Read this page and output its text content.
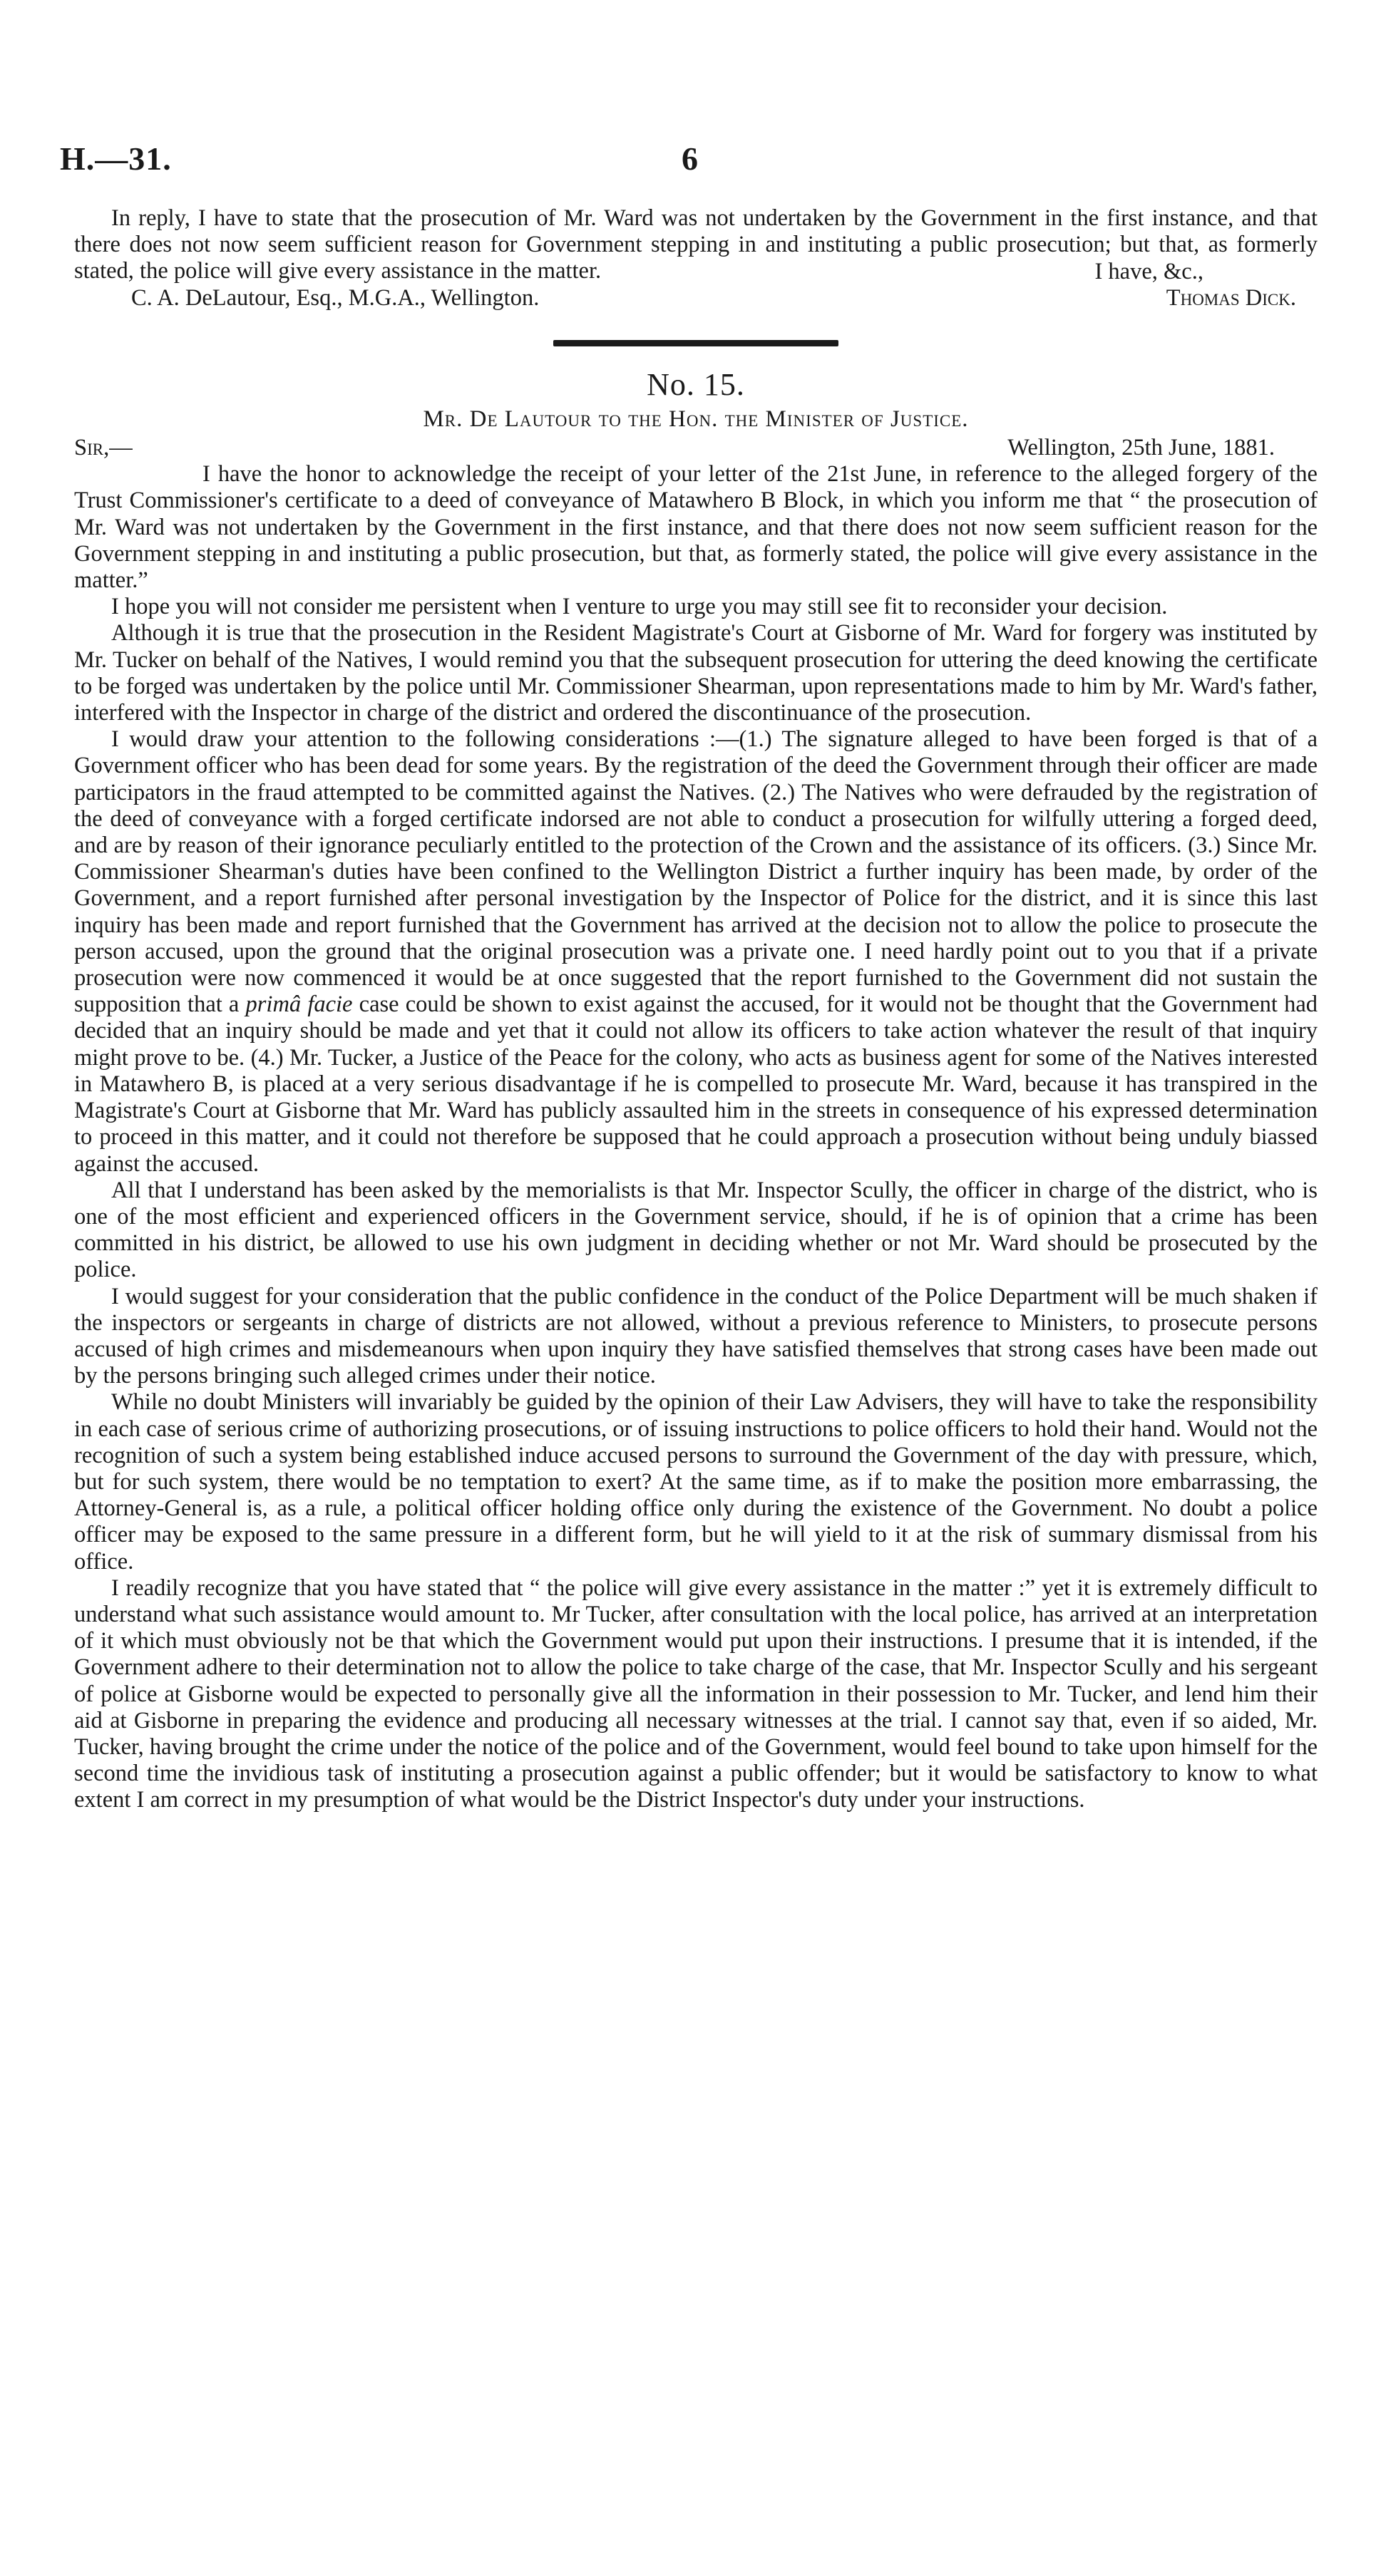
H.—31.	6

In reply, I have to state that the prosecution of Mr. Ward was not undertaken by the Government in the first instance, and that there does not now seem sufficient reason for Government stepping in and instituting a public prosecution; but that, as formerly stated, the police will give every assistance in the matter.	I have, &c.,
C. A. DeLautour, Esq., M.G.A., Wellington.	Thomas Dick.
No. 15.
Mr. De Lautour to the Hon. the Minister of Justice.
Sir,—	Wellington, 25th June, 1881.

I have the honor to acknowledge the receipt of your letter of the 21st June, in reference to the alleged forgery of the Trust Commissioner's certificate to a deed of conveyance of Matawhero B Block, in which you inform me that “ the prosecution of Mr. Ward was not undertaken by the Government in the first instance, and that there does not now seem sufficient reason for the Government stepping in and instituting a public prosecution, but that, as formerly stated, the police will give every assistance in the matter.”

I hope you will not consider me persistent when I venture to urge you may still see fit to reconsider your decision.

Although it is true that the prosecution in the Resident Magistrate's Court at Gisborne of Mr. Ward for forgery was instituted by Mr. Tucker on behalf of the Natives, I would remind you that the subsequent prosecution for uttering the deed knowing the certificate to be forged was undertaken by the police until Mr. Commissioner Shearman, upon representations made to him by Mr. Ward's father, interfered with the Inspector in charge of the district and ordered the discontinuance of the prosecution.

I would draw your attention to the following considerations :—(1.) The signature alleged to have been forged is that of a Government officer who has been dead for some years. By the registration of the deed the Government through their officer are made participators in the fraud attempted to be committed against the Natives. (2.) The Natives who were defrauded by the registration of the deed of conveyance with a forged certificate indorsed are not able to conduct a prosecution for wilfully uttering a forged deed, and are by reason of their ignorance peculiarly entitled to the protection of the Crown and the assistance of its officers. (3.) Since Mr. Commissioner Shearman's duties have been confined to the Wellington District a further inquiry has been made, by order of the Government, and a report furnished after personal investigation by the Inspector of Police for the district, and it is since this last inquiry has been made and report furnished that the Government has arrived at the decision not to allow the police to prosecute the person accused, upon the ground that the original prosecution was a private one. I need hardly point out to you that if a private prosecution were now commenced it would be at once suggested that the report furnished to the Government did not sustain the supposition that a primâ facie case could be shown to exist against the accused, for it would not be thought that the Government had decided that an inquiry should be made and yet that it could not allow its officers to take action whatever the result of that inquiry might prove to be. (4.) Mr. Tucker, a Justice of the Peace for the colony, who acts as business agent for some of the Natives interested in Matawhero B, is placed at a very serious disadvantage if he is compelled to prosecute Mr. Ward, because it has transpired in the Magistrate's Court at Gisborne that Mr. Ward has publicly assaulted him in the streets in consequence of his expressed determination to proceed in this matter, and it could not therefore be supposed that he could approach a prosecution without being unduly biassed against the accused.

All that I understand has been asked by the memorialists is that Mr. Inspector Scully, the officer in charge of the district, who is one of the most efficient and experienced officers in the Government service, should, if he is of opinion that a crime has been committed in his district, be allowed to use his own judgment in deciding whether or not Mr. Ward should be prosecuted by the police.

I would suggest for your consideration that the public confidence in the conduct of the Police Department will be much shaken if the inspectors or sergeants in charge of districts are not allowed, without a previous reference to Ministers, to prosecute persons accused of high crimes and misdemeanours when upon inquiry they have satisfied themselves that strong cases have been made out by the persons bringing such alleged crimes under their notice.

While no doubt Ministers will invariably be guided by the opinion of their Law Advisers, they will have to take the responsibility in each case of serious crime of authorizing prosecutions, or of issuing instructions to police officers to hold their hand. Would not the recognition of such a system being established induce accused persons to surround the Government of the day with pressure, which, but for such system, there would be no temptation to exert? At the same time, as if to make the position more embarrassing, the Attorney-General is, as a rule, a political officer holding office only during the existence of the Government. No doubt a police officer may be exposed to the same pressure in a different form, but he will yield to it at the risk of summary dismissal from his office.

I readily recognize that you have stated that “ the police will give every assistance in the matter :” yet it is extremely difficult to understand what such assistance would amount to. Mr Tucker, after consultation with the local police, has arrived at an interpretation of it which must obviously not be that which the Government would put upon their instructions. I presume that it is intended, if the Government adhere to their determination not to allow the police to take charge of the case, that Mr. Inspector Scully and his sergeant of police at Gisborne would be expected to personally give all the information in their possession to Mr. Tucker, and lend him their aid at Gisborne in preparing the evidence and producing all necessary witnesses at the trial. I cannot say that, even if so aided, Mr. Tucker, having brought the crime under the notice of the police and of the Government, would feel bound to take upon himself for the second time the invidious task of instituting a prosecution against a public offender; but it would be satisfactory to know to what extent I am correct in my presumption of what would be the District Inspector's duty under your instructions.
